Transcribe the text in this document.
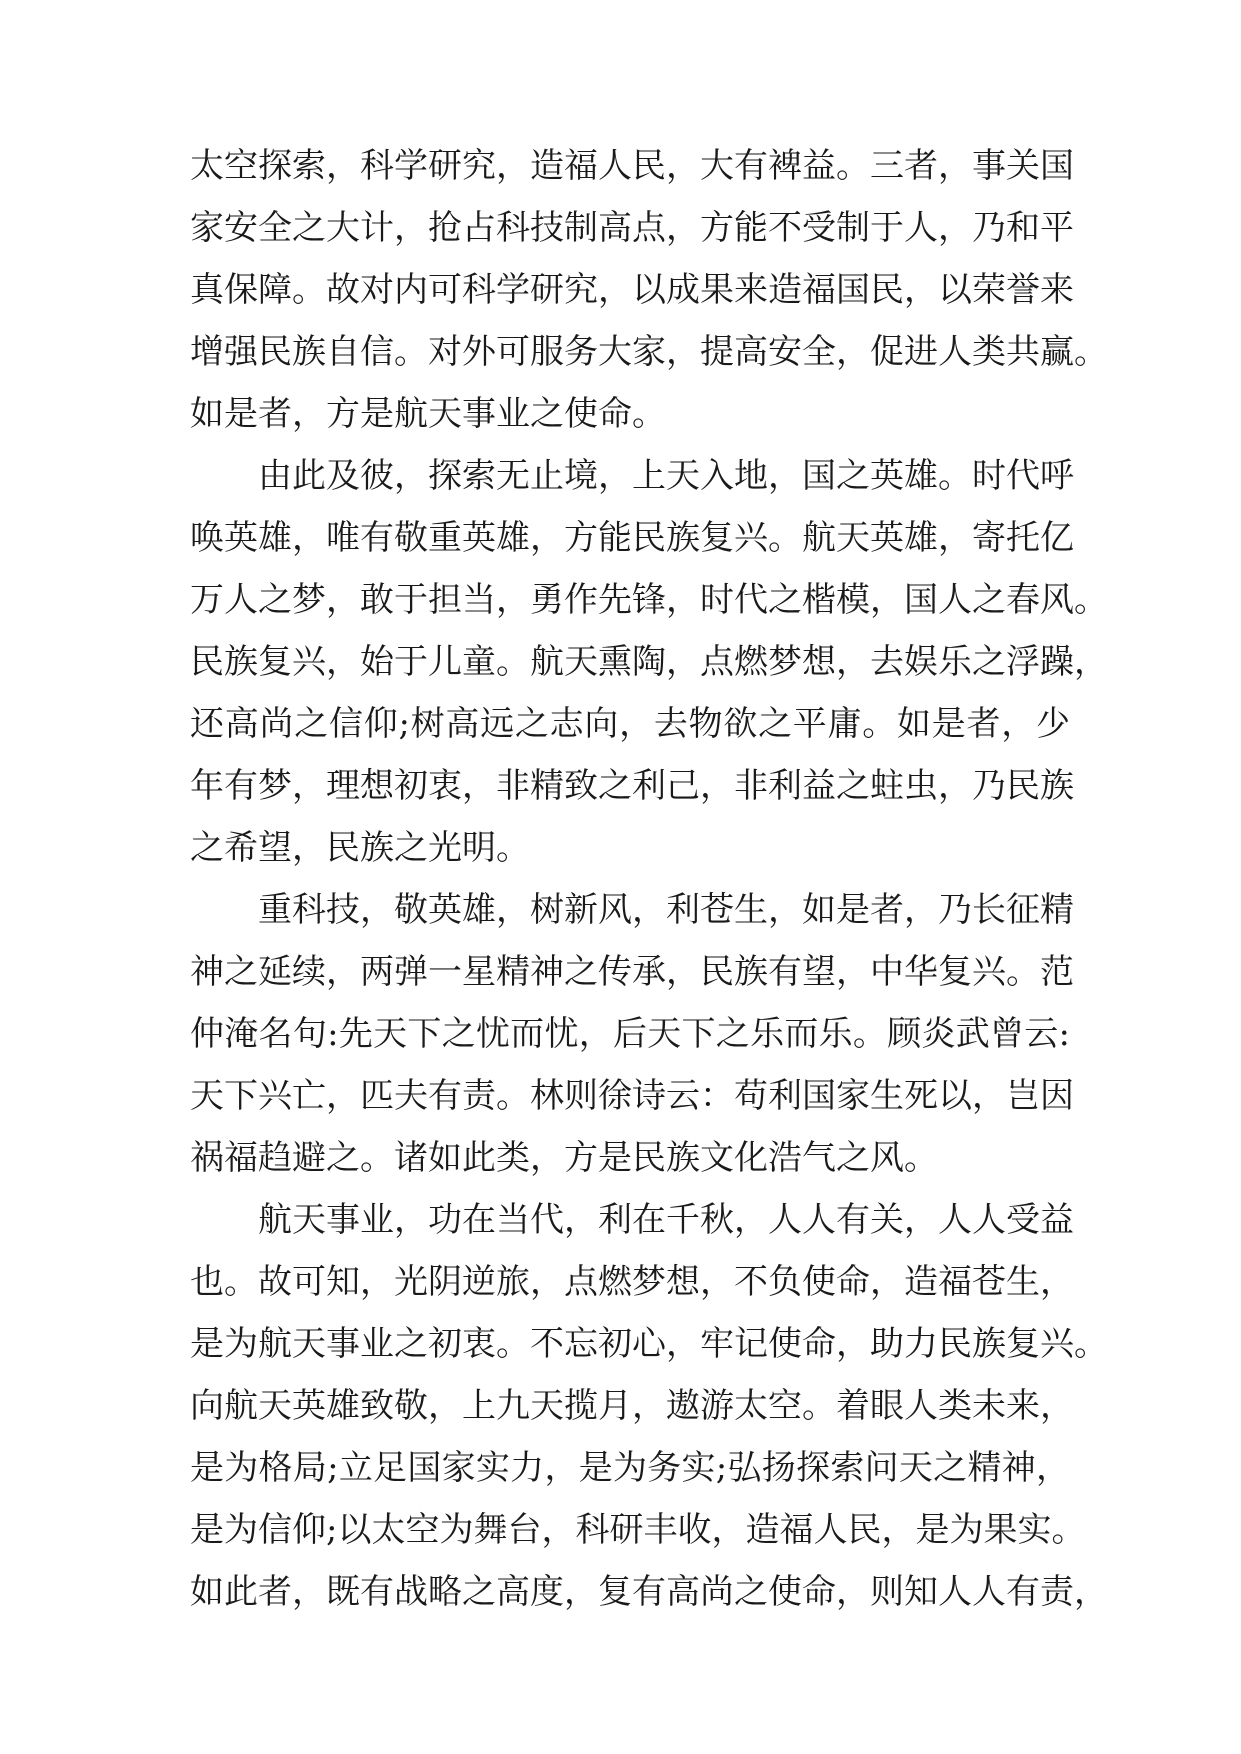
太空探索，科学研究，造福人民，大有裨益。三者，事关国
家安全之大计，抢占科技制高点，方能不受制于人，乃和平
真保障。故对内可科学研究，以成果来造福国民，以荣誉来
增强民族自信。对外可服务大家，提高安全，促进人类共赢。
如是者，方是航天事业之使命。
由此及彼，探索无止境，上天入地，国之英雄。时代呼
唤英雄，唯有敬重英雄，方能民族复兴。航天英雄，寄托亿
万人之梦，敢于担当，勇作先锋，时代之楷模，国人之春风。
民族复兴，始于儿童。航天熏陶，点燃梦想，去娱乐之浮躁，
还高尚之信仰;树高远之志向，去物欲之平庸。如是者，少
年有梦，理想初衷，非精致之利己，非利益之蛀虫，乃民族
之希望，民族之光明。
重科技，敬英雄，树新风，利苍生，如是者，乃长征精
神之延续，两弹一星精神之传承，民族有望，中华复兴。范
仲淹名句:先天下之忧而忧，后天下之乐而乐。顾炎武曾云:
天下兴亡，匹夫有责。林则徐诗云：苟利国家生死以，岂因
祸福趋避之。诸如此类，方是民族文化浩气之风。
航天事业，功在当代，利在千秋，人人有关，人人受益
也。故可知，光阴逆旅，点燃梦想，不负使命，造福苍生，
是为航天事业之初衷。不忘初心，牢记使命，助力民族复兴。
向航天英雄致敬，上九天揽月，遨游太空。着眼人类未来，
是为格局;立足国家实力，是为务实;弘扬探索问天之精神，
是为信仰;以太空为舞台，科研丰收，造福人民，是为果实。
如此者，既有战略之高度，复有高尚之使命，则知人人有责，
